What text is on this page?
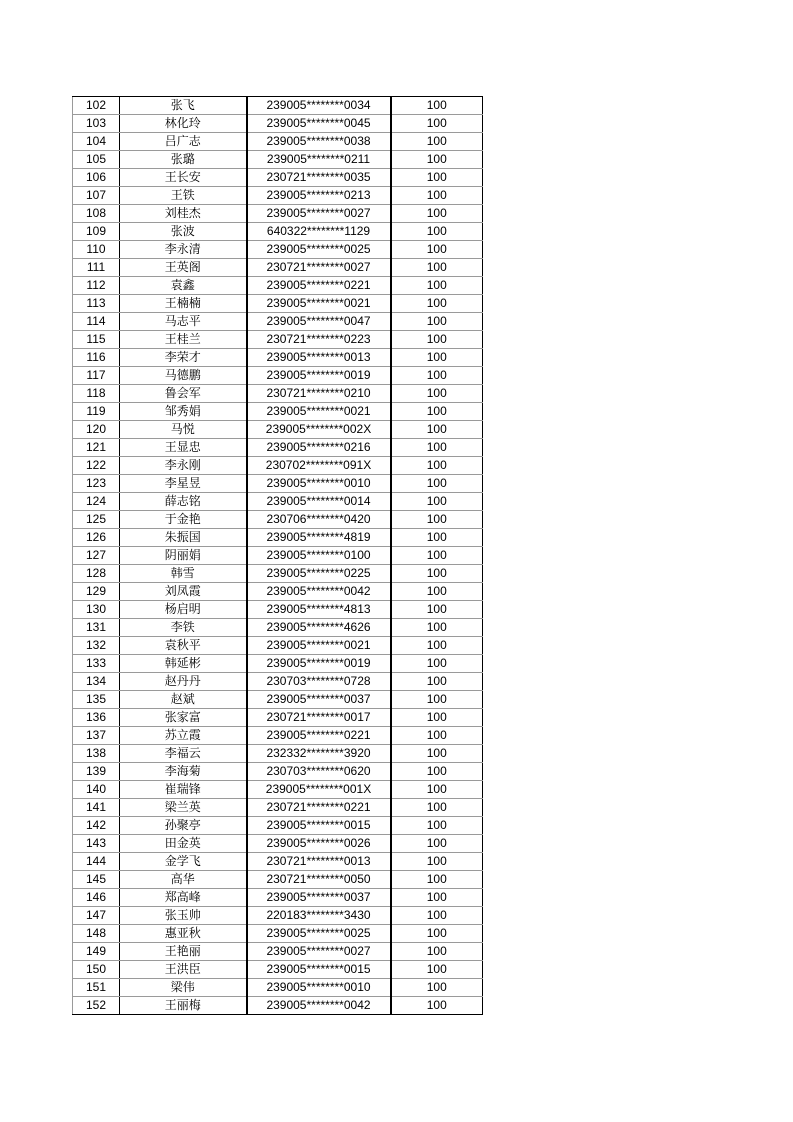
102	张飞	239005********0034	100
103	林化玲	239005********0045	100
104	吕广志	239005********0038	100
105	张璐	239005********0211	100
106	王长安	230721********0035	100
107	王铁	239005********0213	100
108	刘桂杰	239005********0027	100
109	张波	640322********1129	100
110	李永清	239005********0025	100
111	王英阁	230721********0027	100
112	袁鑫	239005********0221	100
113	王楠楠	239005********0021	100
114	马志平	239005********0047	100
115	王桂兰	230721********0223	100
116	李荣才	239005********0013	100
117	马德鹏	239005********0019	100
118	鲁会军	230721********0210	100
119	邹秀娟	239005********0021	100
120	马悦	239005********002X	100
121	王显忠	239005********0216	100
122	李永刚	230702********091X	100
123	李星昱	239005********0010	100
124	薛志铭	239005********0014	100
125	于金艳	230706********0420	100
126	朱振国	239005********4819	100
127	阴丽娟	239005********0100	100
128	韩雪	239005********0225	100
129	刘凤霞	239005********0042	100
130	杨启明	239005********4813	100
131	李铁	239005********4626	100
132	袁秋平	239005********0021	100
133	韩延彬	239005********0019	100
134	赵丹丹	230703********0728	100
135	赵斌	239005********0037	100
136	张家富	230721********0017	100
137	苏立霞	239005********0221	100
138	李福云	232332********3920	100
139	李海菊	230703********0620	100
140	崔瑞锋	239005********001X	100
141	梁兰英	230721********0221	100
142	孙聚亭	239005********0015	100
143	田金英	239005********0026	100
144	金学飞	230721********0013	100
145	高华	230721********0050	100
146	郑高峰	239005********0037	100
147	张玉帅	220183********3430	100
148	惠亚秋	239005********0025	100
149	王艳丽	239005********0027	100
150	王洪臣	239005********0015	100
151	梁伟	239005********0010	100
152	王丽梅	239005********0042	100
